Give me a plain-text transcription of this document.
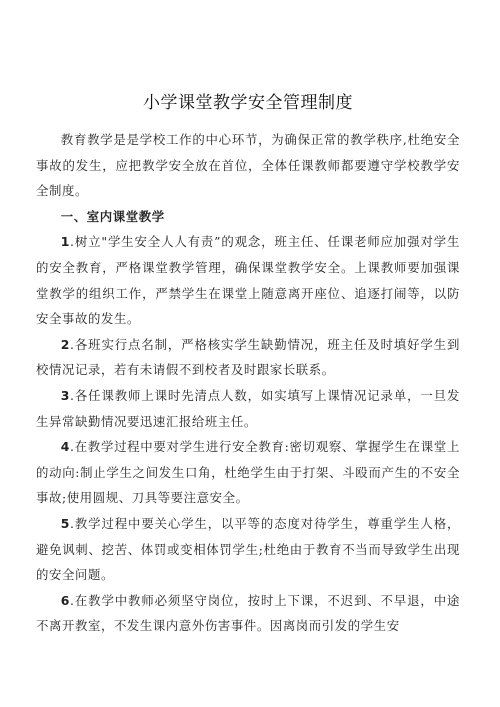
小学课堂教学安全管理制度

教育教学是是学校工作的中心环节，为确保正常的教学秩序,杜绝安全事故的发生，应把教学安全放在首位，全体任课教师都要遵守学校教学安全制度。

一、室内课堂教学

1.树立"学生安全人人有责”的观念，班主任、任课老师应加强对学生的安全教育，严格课堂教学管理，确保课堂教学安全。上课教师要加强课堂教学的组织工作，严禁学生在课堂上随意离开座位、追逐打闹等，以防安全事故的发生。

2.各班实行点名制，严格核实学生缺勤情况，班主任及时填好学生到校情况记录，若有未请假不到校者及时跟家长联系。

3.各任课教师上课时先清点人数，如实填写上课情况记录单，一旦发生异常缺勤情况要迅速汇报给班主任。

4.在教学过程中要对学生进行安全教育:密切观察、掌握学生在课堂上的动向:制止学生之间发生口角，杜绝学生由于打架、斗殴而产生的不安全事故;使用圆规、刀具等要注意安全。

5.教学过程中要关心学生，以平等的态度对待学生，尊重学生人格，避免讽刺、挖苦、体罚或变相体罚学生;杜绝由于教育不当而导致学生出现的安全问题。

6.在教学中教师必须坚守岗位，按时上下课，不迟到、不早退，中途不离开教室，不发生课内意外伤害事件。因离岗而引发的学生安
